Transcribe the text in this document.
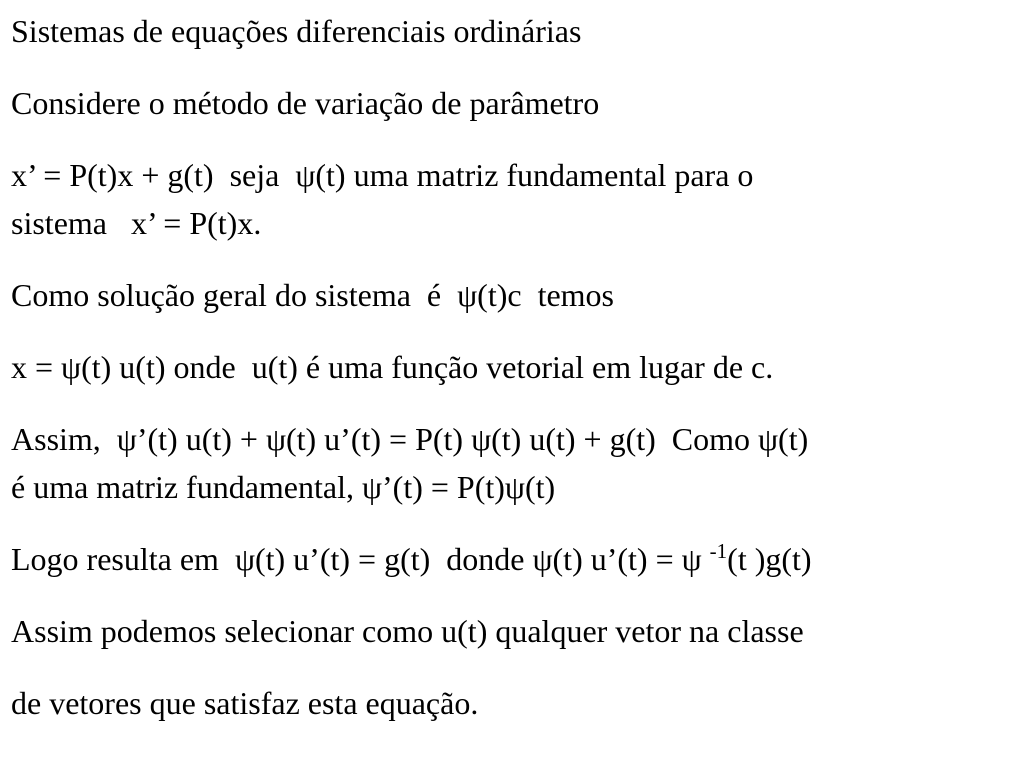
Sistemas de equações diferenciais ordinárias

Considere o método de variação de parâmetro

x’ = P(t)x + g(t)  seja  ψ(t) uma matriz fundamental para o

sistema   x’ = P(t)x.

Como solução geral do sistema  é  ψ(t)c  temos

x = ψ(t) u(t) onde  u(t) é uma função vetorial em lugar de c.

Assim,  ψ’(t) u(t) + ψ(t) u’(t) = P(t) ψ(t) u(t) + g(t)  Como ψ(t)

é uma matriz fundamental, ψ’(t) = P(t)ψ(t)

Logo resulta em  ψ(t) u’(t) = g(t)  donde ψ(t) u’(t) = ψ $^{-1}$(t )g(t)

Assim podemos selecionar como u(t) qualquer vetor na classe

de vetores que satisfaz esta equação.
